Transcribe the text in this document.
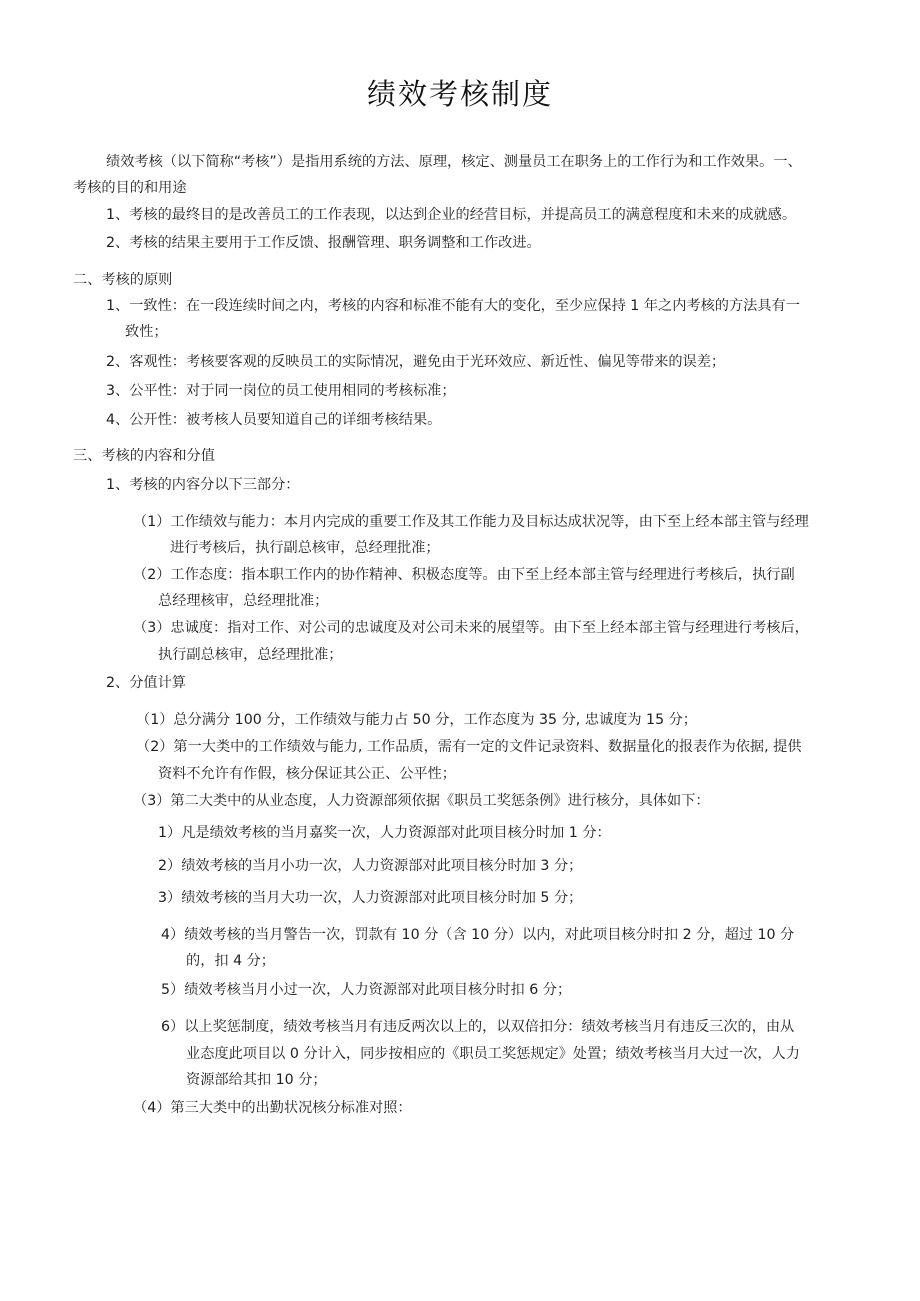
绩效考核制度
绩效考核（以下简称“考核”）是指用系统的方法、原理，核定、测量员工在职务上的工作行为和工作效果。一、
考核的目的和用途
1、考核的最终目的是改善员工的工作表现，以达到企业的经营目标，并提高员工的满意程度和未来的成就感。
2、考核的结果主要用于工作反馈、报酬管理、职务调整和工作改进。
二、考核的原则
1、一致性：在一段连续时间之内，考核的内容和标准不能有大的变化，至少应保持 1 年之内考核的方法具有一
致性；
2、客观性：考核要客观的反映员工的实际情况，避免由于光环效应、新近性、偏见等带来的误差；
3、公平性：对于同一岗位的员工使用相同的考核标准；
4、公开性：被考核人员要知道自己的详细考核结果。
三、考核的内容和分值
1、考核的内容分以下三部分：
（1）工作绩效与能力：本月内完成的重要工作及其工作能力及目标达成状况等，由下至上经本部主管与经理
进行考核后，执行副总核审，总经理批准；
（2）工作态度：指本职工作内的协作精神、积极态度等。由下至上经本部主管与经理进行考核后，执行副
总经理核审，总经理批准；
（3）忠诚度：指对工作、对公司的忠诚度及对公司未来的展望等。由下至上经本部主管与经理进行考核后，
执行副总核审，总经理批准；
2、分值计算
（1）总分满分 100 分，工作绩效与能力占 50 分，工作态度为 35 分, 忠诚度为 15 分；
（2）第一大类中的工作绩效与能力, 工作品质，需有一定的文件记录资料、数据量化的报表作为依据, 提供
资料不允许有作假，核分保证其公正、公平性；
（3）第二大类中的从业态度，人力资源部须依据《职员工奖惩条例》进行核分，具体如下：
1）凡是绩效考核的当月嘉奖一次，人力资源部对此项目核分时加 1 分：
2）绩效考核的当月小功一次，人力资源部对此项目核分时加 3 分；
3）绩效考核的当月大功一次，人力资源部对此项目核分时加 5 分；
4）绩效考核的当月警告一次，罚款有 10 分（含 10 分）以内，对此项目核分时扣 2 分，超过 10 分
的，扣 4 分；
5）绩效考核当月小过一次，人力资源部对此项目核分时扣 6 分；
6）以上奖惩制度，绩效考核当月有违反两次以上的，以双倍扣分：绩效考核当月有违反三次的，由从
业态度此项目以 0 分计入，同步按相应的《职员工奖惩规定》处置；绩效考核当月大过一次，人力
资源部给其扣 10 分；
（4）第三大类中的出勤状况核分标准对照：
